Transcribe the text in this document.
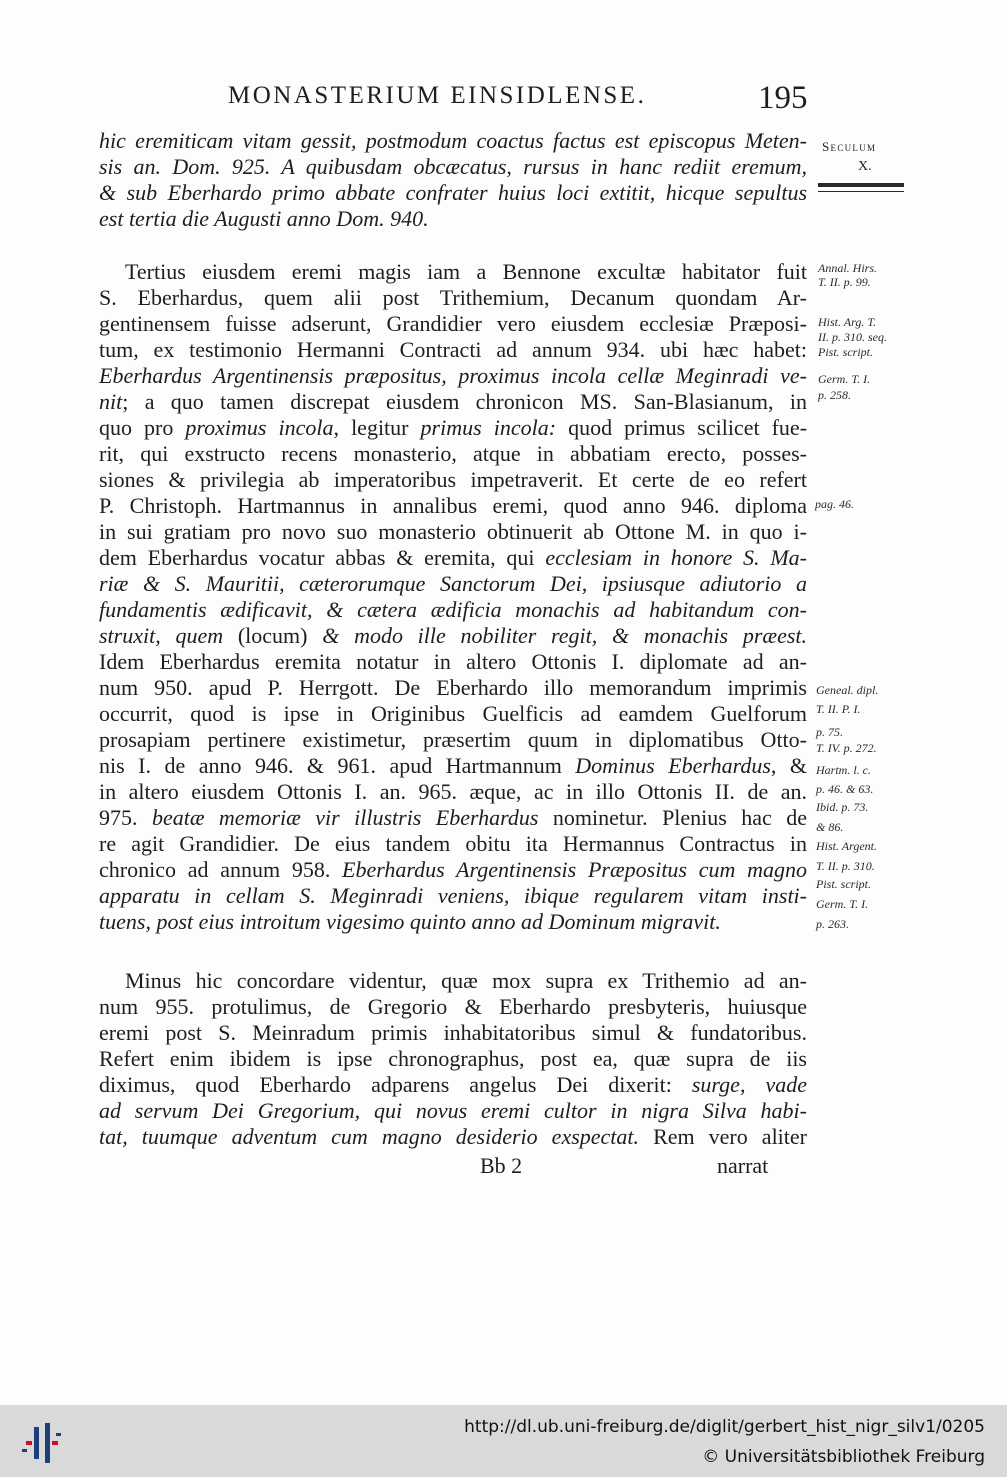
MONASTERIUM EINSIDLENSE.	195
hic eremiticam vitam gessit, postmodum coactus factus est episcopus Meten-
sis an. Dom. 925. A quibusdam obcæcatus, rursus in hanc rediit eremum,
& sub Eberhardo primo abbate confrater huius loci extitit, hicque sepultus
est tertia die Augusti anno Dom. 940.
Tertius eiusdem eremi magis iam a Bennone excultæ habitator fuit
S. Eberhardus, quem alii post Trithemium, Decanum quondam Ar-
gentinensem fuisse adserunt, Grandidier vero eiusdem ecclesiæ Præposi-
tum, ex testimonio Hermanni Contracti ad annum 934. ubi hæc habet:
Eberhardus Argentinensis præpositus, proximus incola cellæ Meginradi ve-
nit; a quo tamen discrepat eiusdem chronicon MS. San-Blasianum, in
quo pro proximus incola, legitur primus incola: quod primus scilicet fue-
rit, qui exstructo recens monasterio, atque in abbatiam erecto, posses-
siones & privilegia ab imperatoribus impetraverit. Et certe de eo refert
P. Christoph. Hartmannus in annalibus eremi, quod anno 946. diploma
in sui gratiam pro novo suo monasterio obtinuerit ab Ottone M. in quo i-
dem Eberhardus vocatur abbas & eremita, qui ecclesiam in honore S. Ma-
riæ & S. Mauritii, cæterorumque Sanctorum Dei, ipsiusque adiutorio a
fundamentis ædificavit, & cætera ædificia monachis ad habitandum con-
struxit, quem (locum) & modo ille nobiliter regit, & monachis præest.
Idem Eberhardus eremita notatur in altero Ottonis I. diplomate ad an-
num 950. apud P. Herrgott. De Eberhardo illo memorandum imprimis
occurrit, quod is ipse in Originibus Guelficis ad eamdem Guelforum
prosapiam pertinere existimetur, præsertim quum in diplomatibus Otto-
nis I. de anno 946. & 961. apud Hartmannum Dominus Eberhardus, &
in altero eiusdem Ottonis I. an. 965. æque, ac in illo Ottonis II. de an.
975. beatæ memoriæ vir illustris Eberhardus nominetur. Plenius hac de
re agit Grandidier. De eius tandem obitu ita Hermannus Contractus in
chronico ad annum 958. Eberhardus Argentinensis Præpositus cum magno
apparatu in cellam S. Meginradi veniens, ibique regularem vitam insti-
tuens, post eius introitum vigesimo quinto anno ad Dominum migravit.
Minus hic concordare videntur, quæ mox supra ex Trithemio ad an-
num 955. protulimus, de Gregorio & Eberhardo presbyteris, huiusque
eremi post S. Meinradum primis inhabitatoribus simul & fundatoribus.
Refert enim ibidem is ipse chronographus, post ea, quæ supra de iis
diximus, quod Eberhardo adparens angelus Dei dixerit: surge, vade
ad servum Dei Gregorium, qui novus eremi cultor in nigra Silva habi-
tat, tuumque adventum cum magno desiderio exspectat. Rem vero aliter
Bb 2	narrat
Seculum
X.
Annal. Hirs.
T. II. p. 99.
Hist. Arg. T.
II. p. 310. seq.
Pist. script.
Germ. T. I.
p. 258.
pag. 46.
Geneal. dipl.
T. II. P. I.
p. 75.
T. IV. p. 272.
Hartm. l. c.
p. 46. & 63.
Ibid. p. 73.
& 86.
Hist. Argent.
T. II. p. 310.
Pist. script.
Germ. T. I.
p. 263.
http://dl.ub.uni-freiburg.de/diglit/gerbert_hist_nigr_silv1/0205
© Universitätsbibliothek Freiburg
